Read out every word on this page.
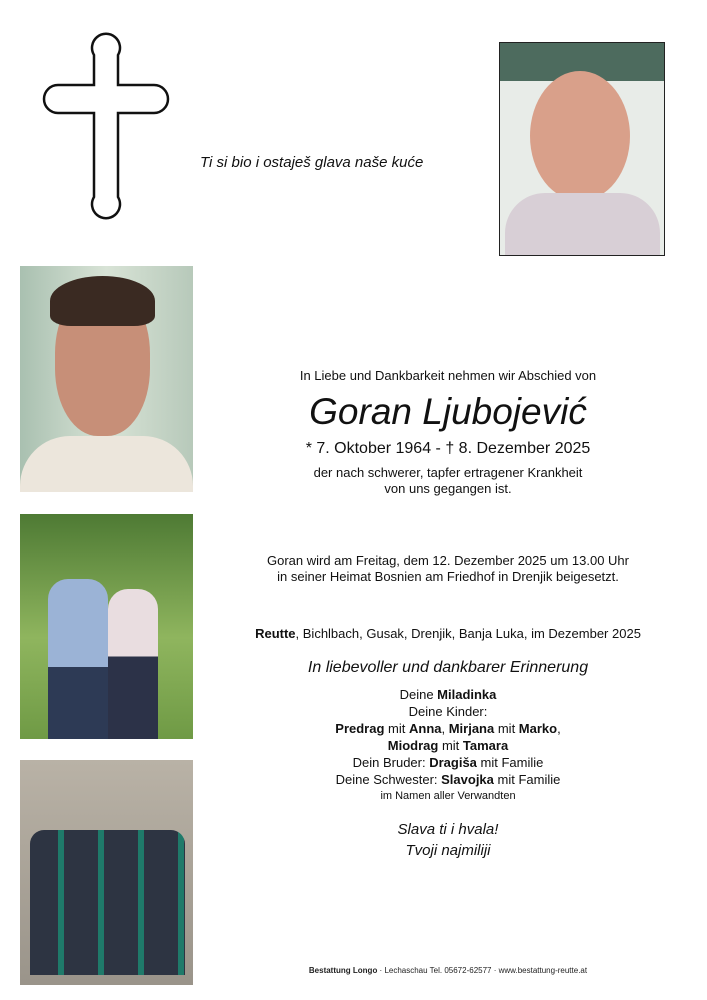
Ti si bio i ostaješ glava naše kuće
In Liebe und Dankbarkeit nehmen wir Abschied von
Goran Ljubojević
* 7. Oktober 1964 - † 8. Dezember 2025
der nach schwerer, tapfer ertragener Krankheit
von uns gegangen ist.
Goran wird am Freitag, dem 12. Dezember 2025 um 13.00 Uhr
in seiner Heimat Bosnien am Friedhof in Drenjik beigesetzt.
Reutte, Bichlbach, Gusak, Drenjik, Banja Luka, im Dezember 2025
In liebevoller und dankbarer Erinnerung
Deine Miladinka
Deine Kinder:
Predrag mit Anna, Mirjana mit Marko,
Miodrag mit Tamara
Dein Bruder: Dragiša mit Familie
Deine Schwester: Slavojka mit Familie
im Namen aller Verwandten
Slava ti i hvala!
Tvoji najmiliji
Bestattung Longo · Lechaschau Tel. 05672-62577 · www.bestattung-reutte.at
